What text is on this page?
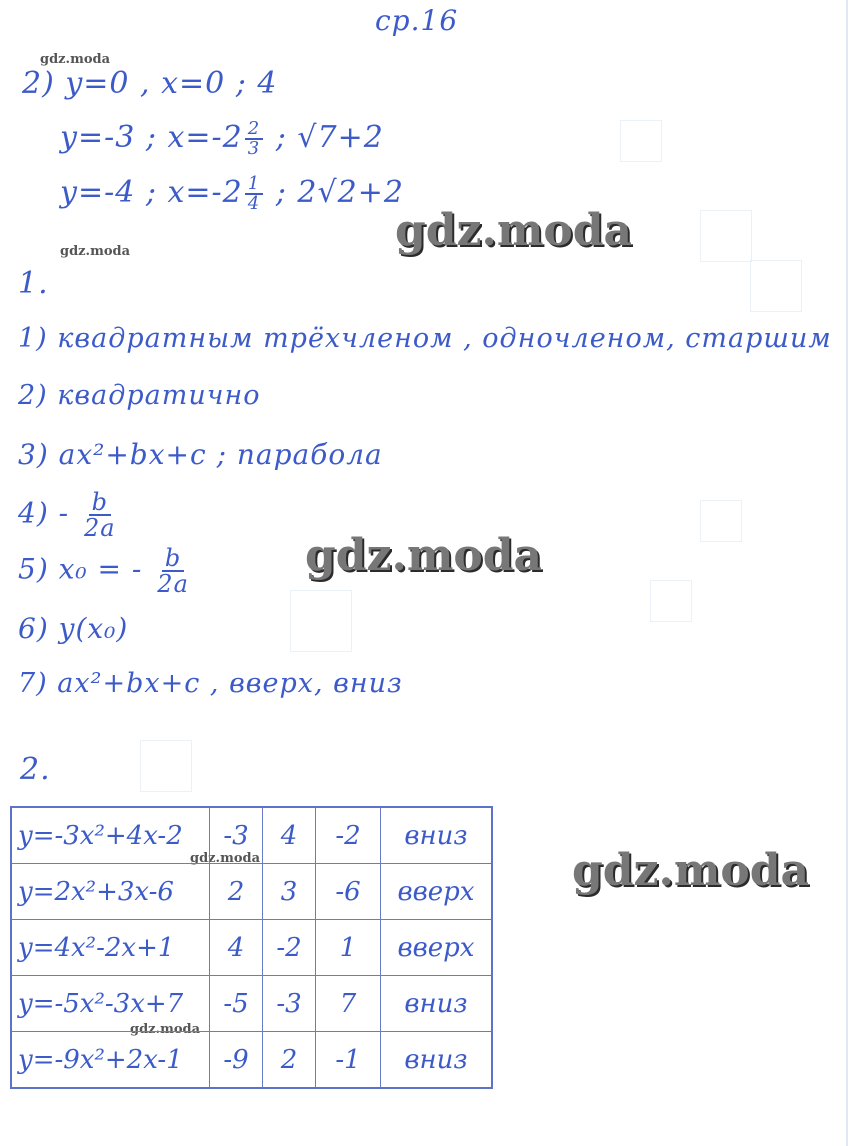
ср.16
gdz.moda
gdz.moda
gdz.moda
gdz.moda
2) y=0 , x=0 ; 4
y=-3 ; $x=-2 \frac{2}{3}$ ; √7+2
y=-4 ; $x=-2 \frac{1}{4}$ ; 2√2+2
gdz.moda
1.
1) квадратным трёхчленом , одночленом, старшим
2) квадратично
3) ax²+bx+c ; парабола
$4) - \frac{b}{2a}$
5) x₀ = - $\frac{b}{2a}$	gdz.moda
6) y(x₀)
7) ax²+bx+c , вверх, вниз
2.
y=-3x²+4x-2	-3	4	-2	вниз
y=2x²+3x-6	2	3	-6	вверх
y=4x²-2x+1	4	-2	1	вверх
y=-5x²-3x+7	-5	-3	7	вниз
y=-9x²+2x-1	-9	2	-1	вниз
gdz.moda
